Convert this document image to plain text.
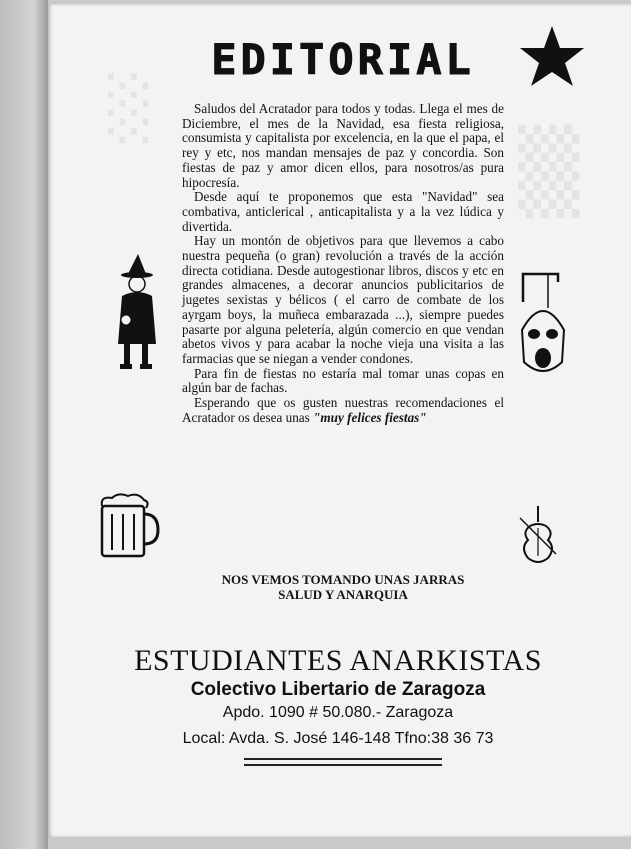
░
▒
EDITORIAL

Saludos del Acratador para todos y todas. Llega el mes de Diciembre, el mes de la Navidad, esa fiesta religiosa, consumista y capitalista por excelencia, en la que el papa, el rey y etc, nos mandan mensajes de paz y concordia. Son fiestas de paz y amor dicen ellos, para nosotros/as pura hipocresía.

Desde aquí te proponemos que esta "Navidad" sea combativa, anticlerical , anticapitalista y a la vez lúdica y divertida.

Hay un montón de objetivos para que llevemos a cabo nuestra pequeña (o gran) revolución a través de la acción directa cotidiana. Desde autogestionar libros, discos y etc en grandes almacenes, a decorar anuncios publicitarios de jugetes sexistas y bélicos ( el carro de combate de los ayrgam boys, la muñeca embarazada ...), siempre puedes pasarte por alguna peletería, algún comercio en que vendan abetos vivos y para acabar la noche vieja una visita a las farmacias que se niegan a vender condones.

Para fin de fiestas no estaría mal tomar unas copas en algún bar de fachas.

Esperando que os gusten nuestras recomendaciones el Acratador os desea unas "muy felices fiestas"

NOS VEMOS TOMANDO UNAS JARRAS
SALUD Y ANARQUIA
ESTUDIANTES ANARKISTAS
Colectivo Libertario de Zaragoza
Apdo. 1090 # 50.080.- Zaragoza
Local: Avda. S. José 146-148 Tfno:38 36 73
